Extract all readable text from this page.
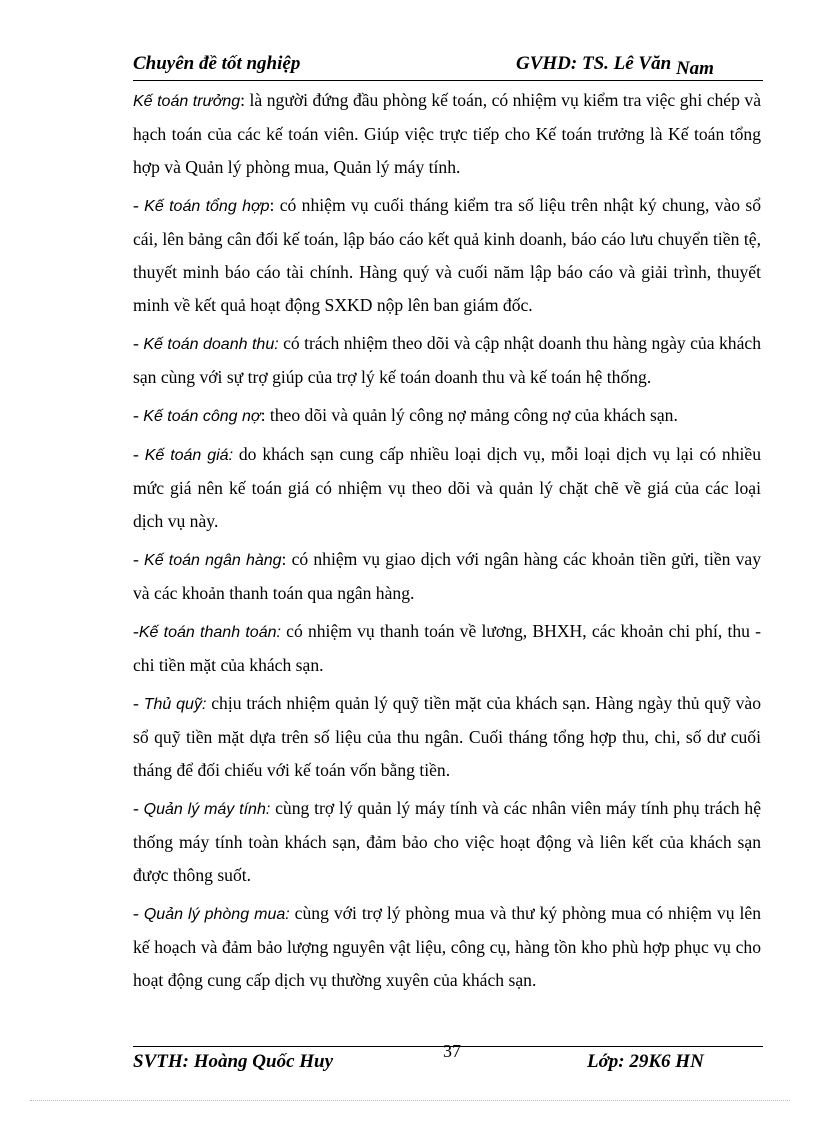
Chuyên đề tốt nghiệp	GVHD: TS. Lê Văn Nam

Kế toán trưởng: là người đứng đầu phòng kế toán, có nhiệm vụ kiểm tra việc ghi chép và hạch toán của các kế toán viên. Giúp việc trực tiếp cho Kế toán trưởng là Kế toán tổng hợp và Quản lý phòng mua, Quản lý máy tính.

- Kế toán tổng hợp: có nhiệm vụ cuối tháng kiểm tra số liệu trên nhật ký chung, vào sổ cái, lên bảng cân đối kế toán, lập báo cáo kết quả kinh doanh, báo cáo lưu chuyển tiền tệ, thuyết minh báo cáo tài chính. Hàng quý và cuối năm lập báo cáo và giải trình, thuyết minh về kết quả hoạt động SXKD nộp lên ban giám đốc.

- Kế toán doanh thu: có trách nhiệm theo dõi và cập nhật doanh thu hàng ngày của khách sạn cùng với sự trợ giúp của trợ lý kế toán doanh thu và kế toán hệ thống.

- Kế toán công nợ: theo dõi và quản lý công nợ mảng công nợ của khách sạn.

- Kế toán giá: do khách sạn cung cấp nhiều loại dịch vụ, mỗi loại dịch vụ lại có nhiều mức giá nên kế toán giá có nhiệm vụ theo dõi và quản lý chặt chẽ về giá của các loại dịch vụ này.

- Kế toán ngân hàng: có nhiệm vụ giao dịch với ngân hàng các khoản tiền gửi, tiền vay và các khoản thanh toán qua ngân hàng.

-Kế toán thanh toán: có nhiệm vụ thanh toán về lương, BHXH, các khoản chi phí, thu - chi tiền mặt của khách sạn.

- Thủ quỹ: chịu trách nhiệm quản lý quỹ tiền mặt của khách sạn. Hàng ngày thủ quỹ vào sổ quỹ tiền mặt dựa trên số liệu của thu ngân. Cuối tháng tổng hợp thu, chi, số dư cuối tháng để đối chiếu với kế toán vốn bằng tiền.

- Quản lý máy tính: cùng trợ lý quản lý máy tính và các nhân viên máy tính phụ trách hệ thống máy tính toàn khách sạn, đảm bảo cho việc hoạt động và liên kết của khách sạn được thông suốt.

- Quản lý phòng mua: cùng với trợ lý phòng mua và thư ký phòng mua có nhiệm vụ lên kế hoạch và đảm bảo lượng nguyên vật liệu, công cụ, hàng tồn kho phù hợp phục vụ cho hoạt động cung cấp dịch vụ thường xuyên của khách sạn.

SVTH: Hoàng Quốc Huy	37	Lớp: 29K6 HN
